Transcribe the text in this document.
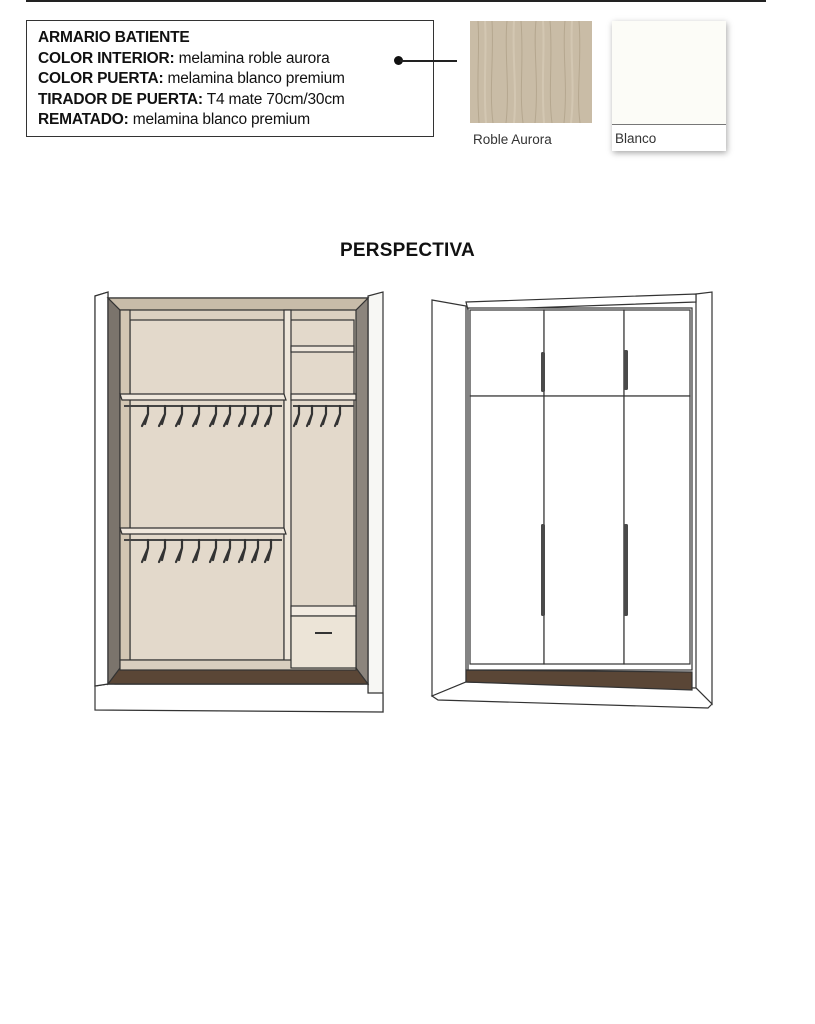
ARMARIO BATIENTE
COLOR INTERIOR: melamina roble aurora
COLOR PUERTA: melamina blanco premium
TIRADOR DE PUERTA: T4 mate 70cm/30cm
REMATADO: melamina blanco premium
Roble Aurora	Blanco
PERSPECTIVA
